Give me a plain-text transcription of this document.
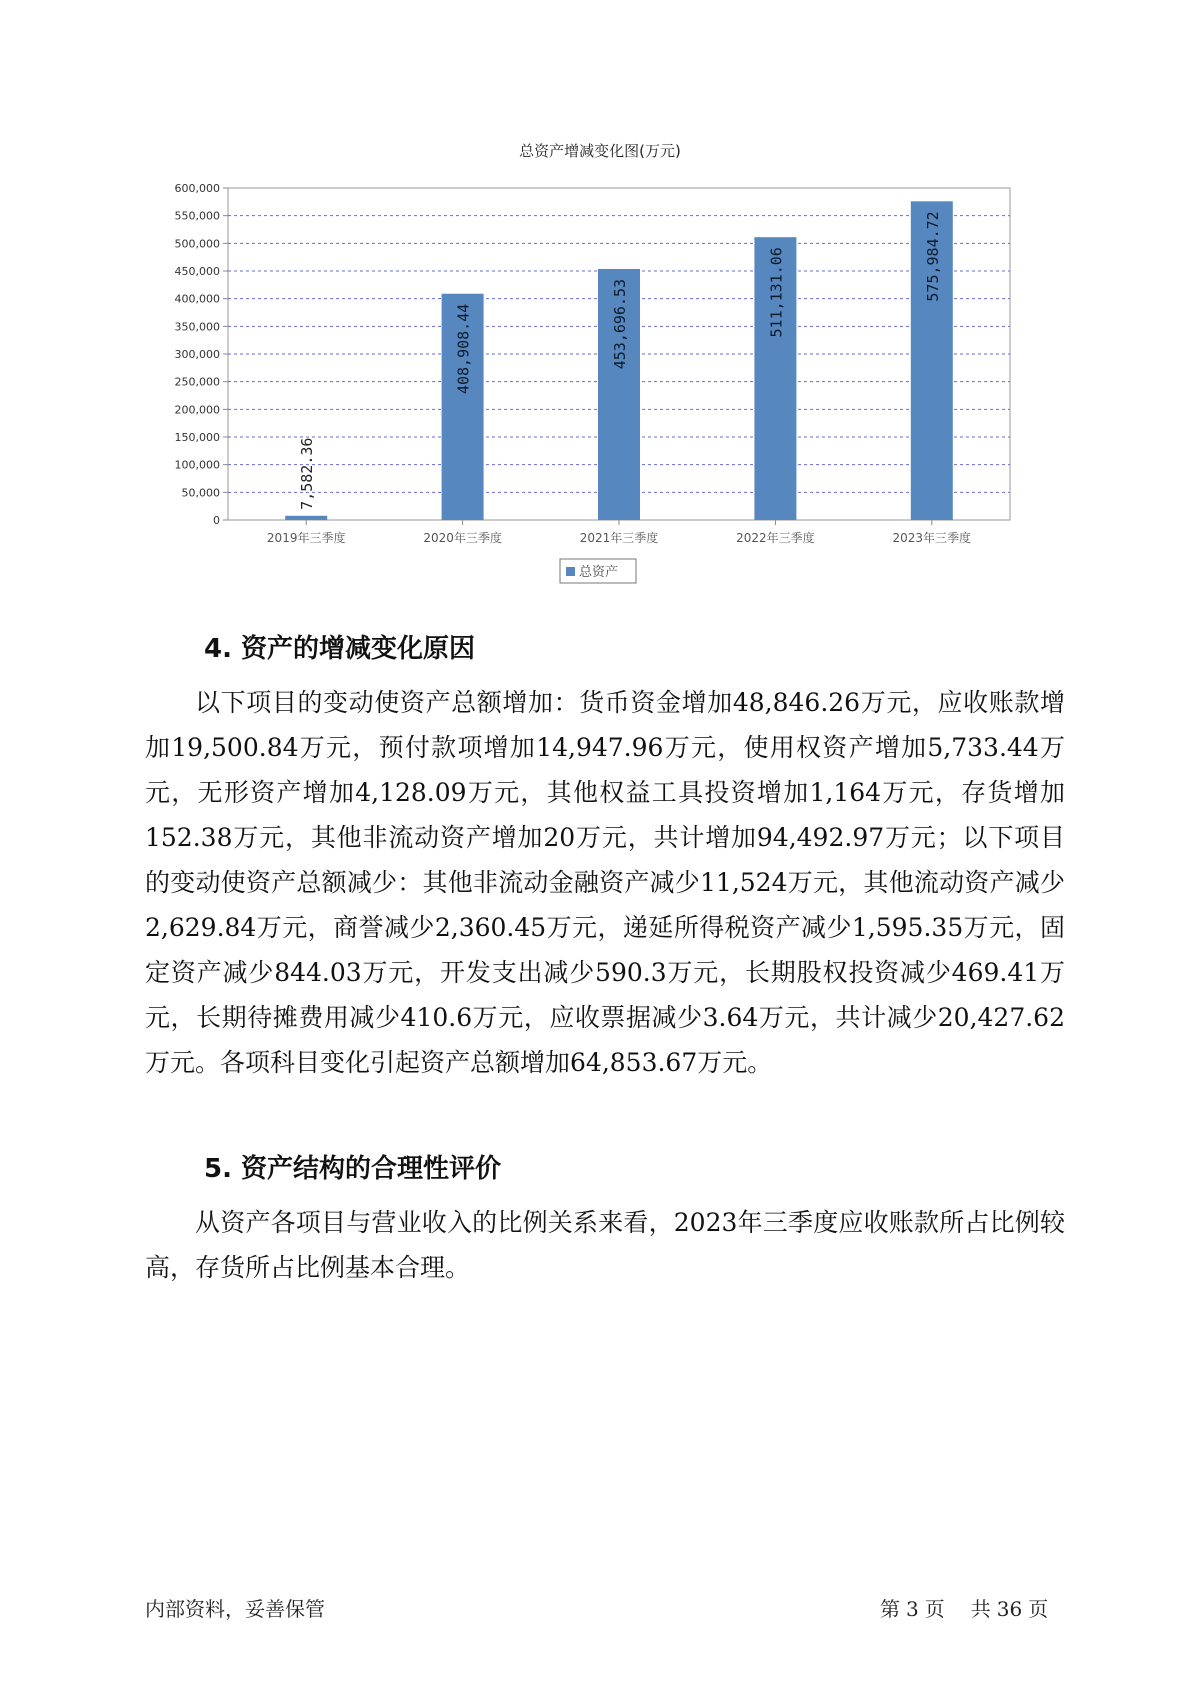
总资产增减变化图(万元)
0
50,000
100,000
150,000
200,000
250,000
300,000
350,000
400,000
450,000
500,000
550,000
600,000
2019年三季度
7,582.36
2020年三季度
408,908.44
2021年三季度
453,696.53
2022年三季度
511,131.06
2023年三季度
575,984.72
总资产
4. 资产的增减变化原因

以下项目的变动使资产总额增加：货币资金增加48,846.26万元，应收账款增加19,500.84万元，预付款项增加14,947.96万元，使用权资产增加5,733.44万元，无形资产增加4,128.09万元，其他权益工具投资增加1,164万元，存货增加152.38万元，其他非流动资产增加20万元，共计增加94,492.97万元；以下项目的变动使资产总额减少：其他非流动金融资产减少11,524万元，其他流动资产减少2,629.84万元，商誉减少2,360.45万元，递延所得税资产减少1,595.35万元，固定资产减少844.03万元，开发支出减少590.3万元，长期股权投资减少469.41万元，长期待摊费用减少410.6万元，应收票据减少3.64万元，共计减少20,427.62万元。各项科目变化引起资产总额增加64,853.67万元。

5. 资产结构的合理性评价

从资产各项目与营业收入的比例关系来看，2023年三季度应收账款所占比例较高，存货所占比例基本合理。

内部资料，妥善保管	第 3 页 共 36 页
